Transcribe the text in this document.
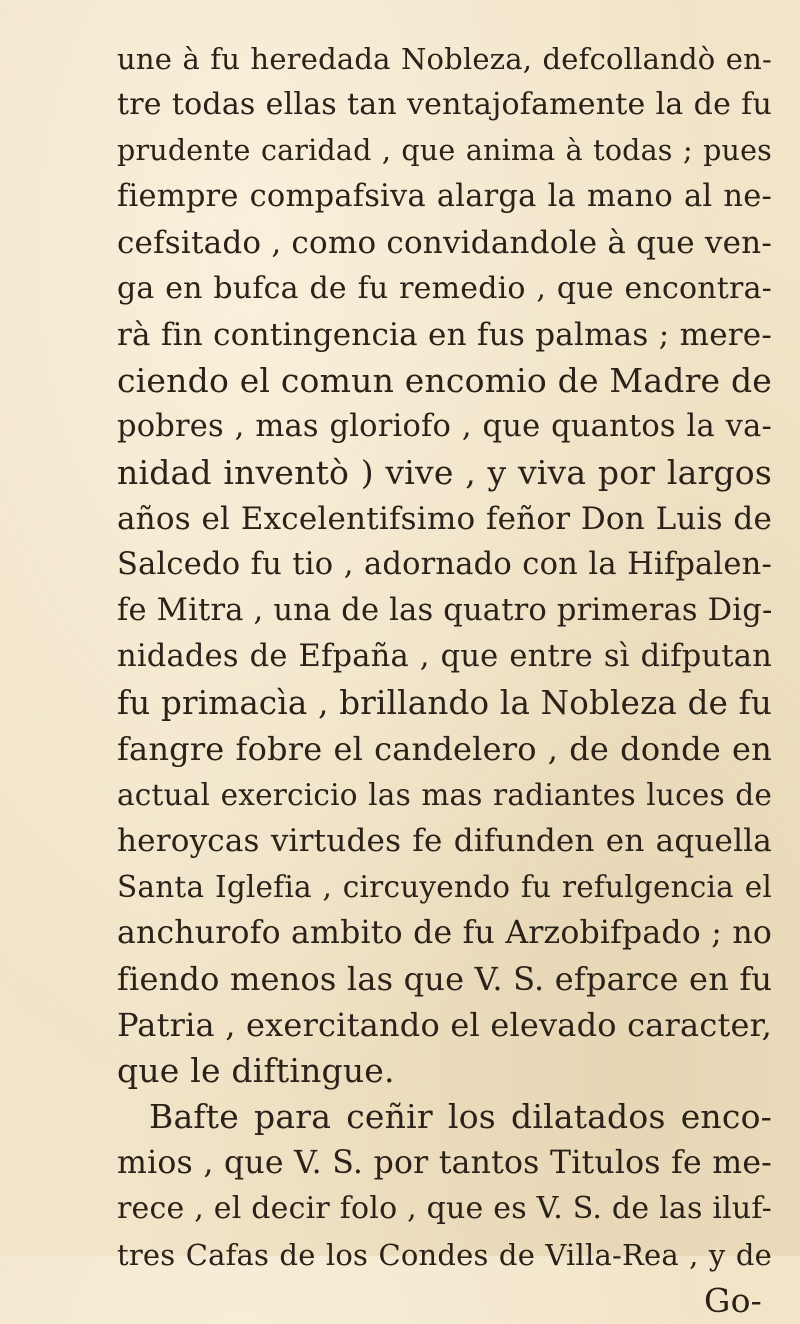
une à fu heredada Nobleza, defcollandò en-
tre todas ellas tan ventajofamente la de fu
prudente caridad , que anima à todas ; pues
fiempre compafsiva alarga la mano al ne-
cefsitado , como convidandole à que ven-
ga en bufca de fu remedio , que encontra-
rà fin contingencia en fus palmas ; mere-
ciendo el comun encomio de Madre de
pobres , mas gloriofo , que quantos la va-
nidad inventò ) vive , y viva por largos
años el Excelentifsimo feñor Don Luis de
Salcedo fu tio , adornado con la Hifpalen-
fe Mitra , una de las quatro primeras Dig-
nidades de Efpaña , que entre sì difputan
fu primacìa , brillando la Nobleza de fu
fangre fobre el candelero , de donde en
actual exercicio las mas radiantes luces de
heroycas virtudes fe difunden en aquella
Santa Iglefia , circuyendo fu refulgencia el
anchurofo ambito de fu Arzobifpado ; no
fiendo menos las que V. S. efparce en fu
Patria , exercitando el elevado caracter,
que le diftingue.
Bafte para ceñir los dilatados enco-
mios , que V. S. por tantos Titulos fe me-
rece , el decir folo , que es V. S. de las iluf-
tres Cafas de los Condes de Villa-Rea , y de
Go-
